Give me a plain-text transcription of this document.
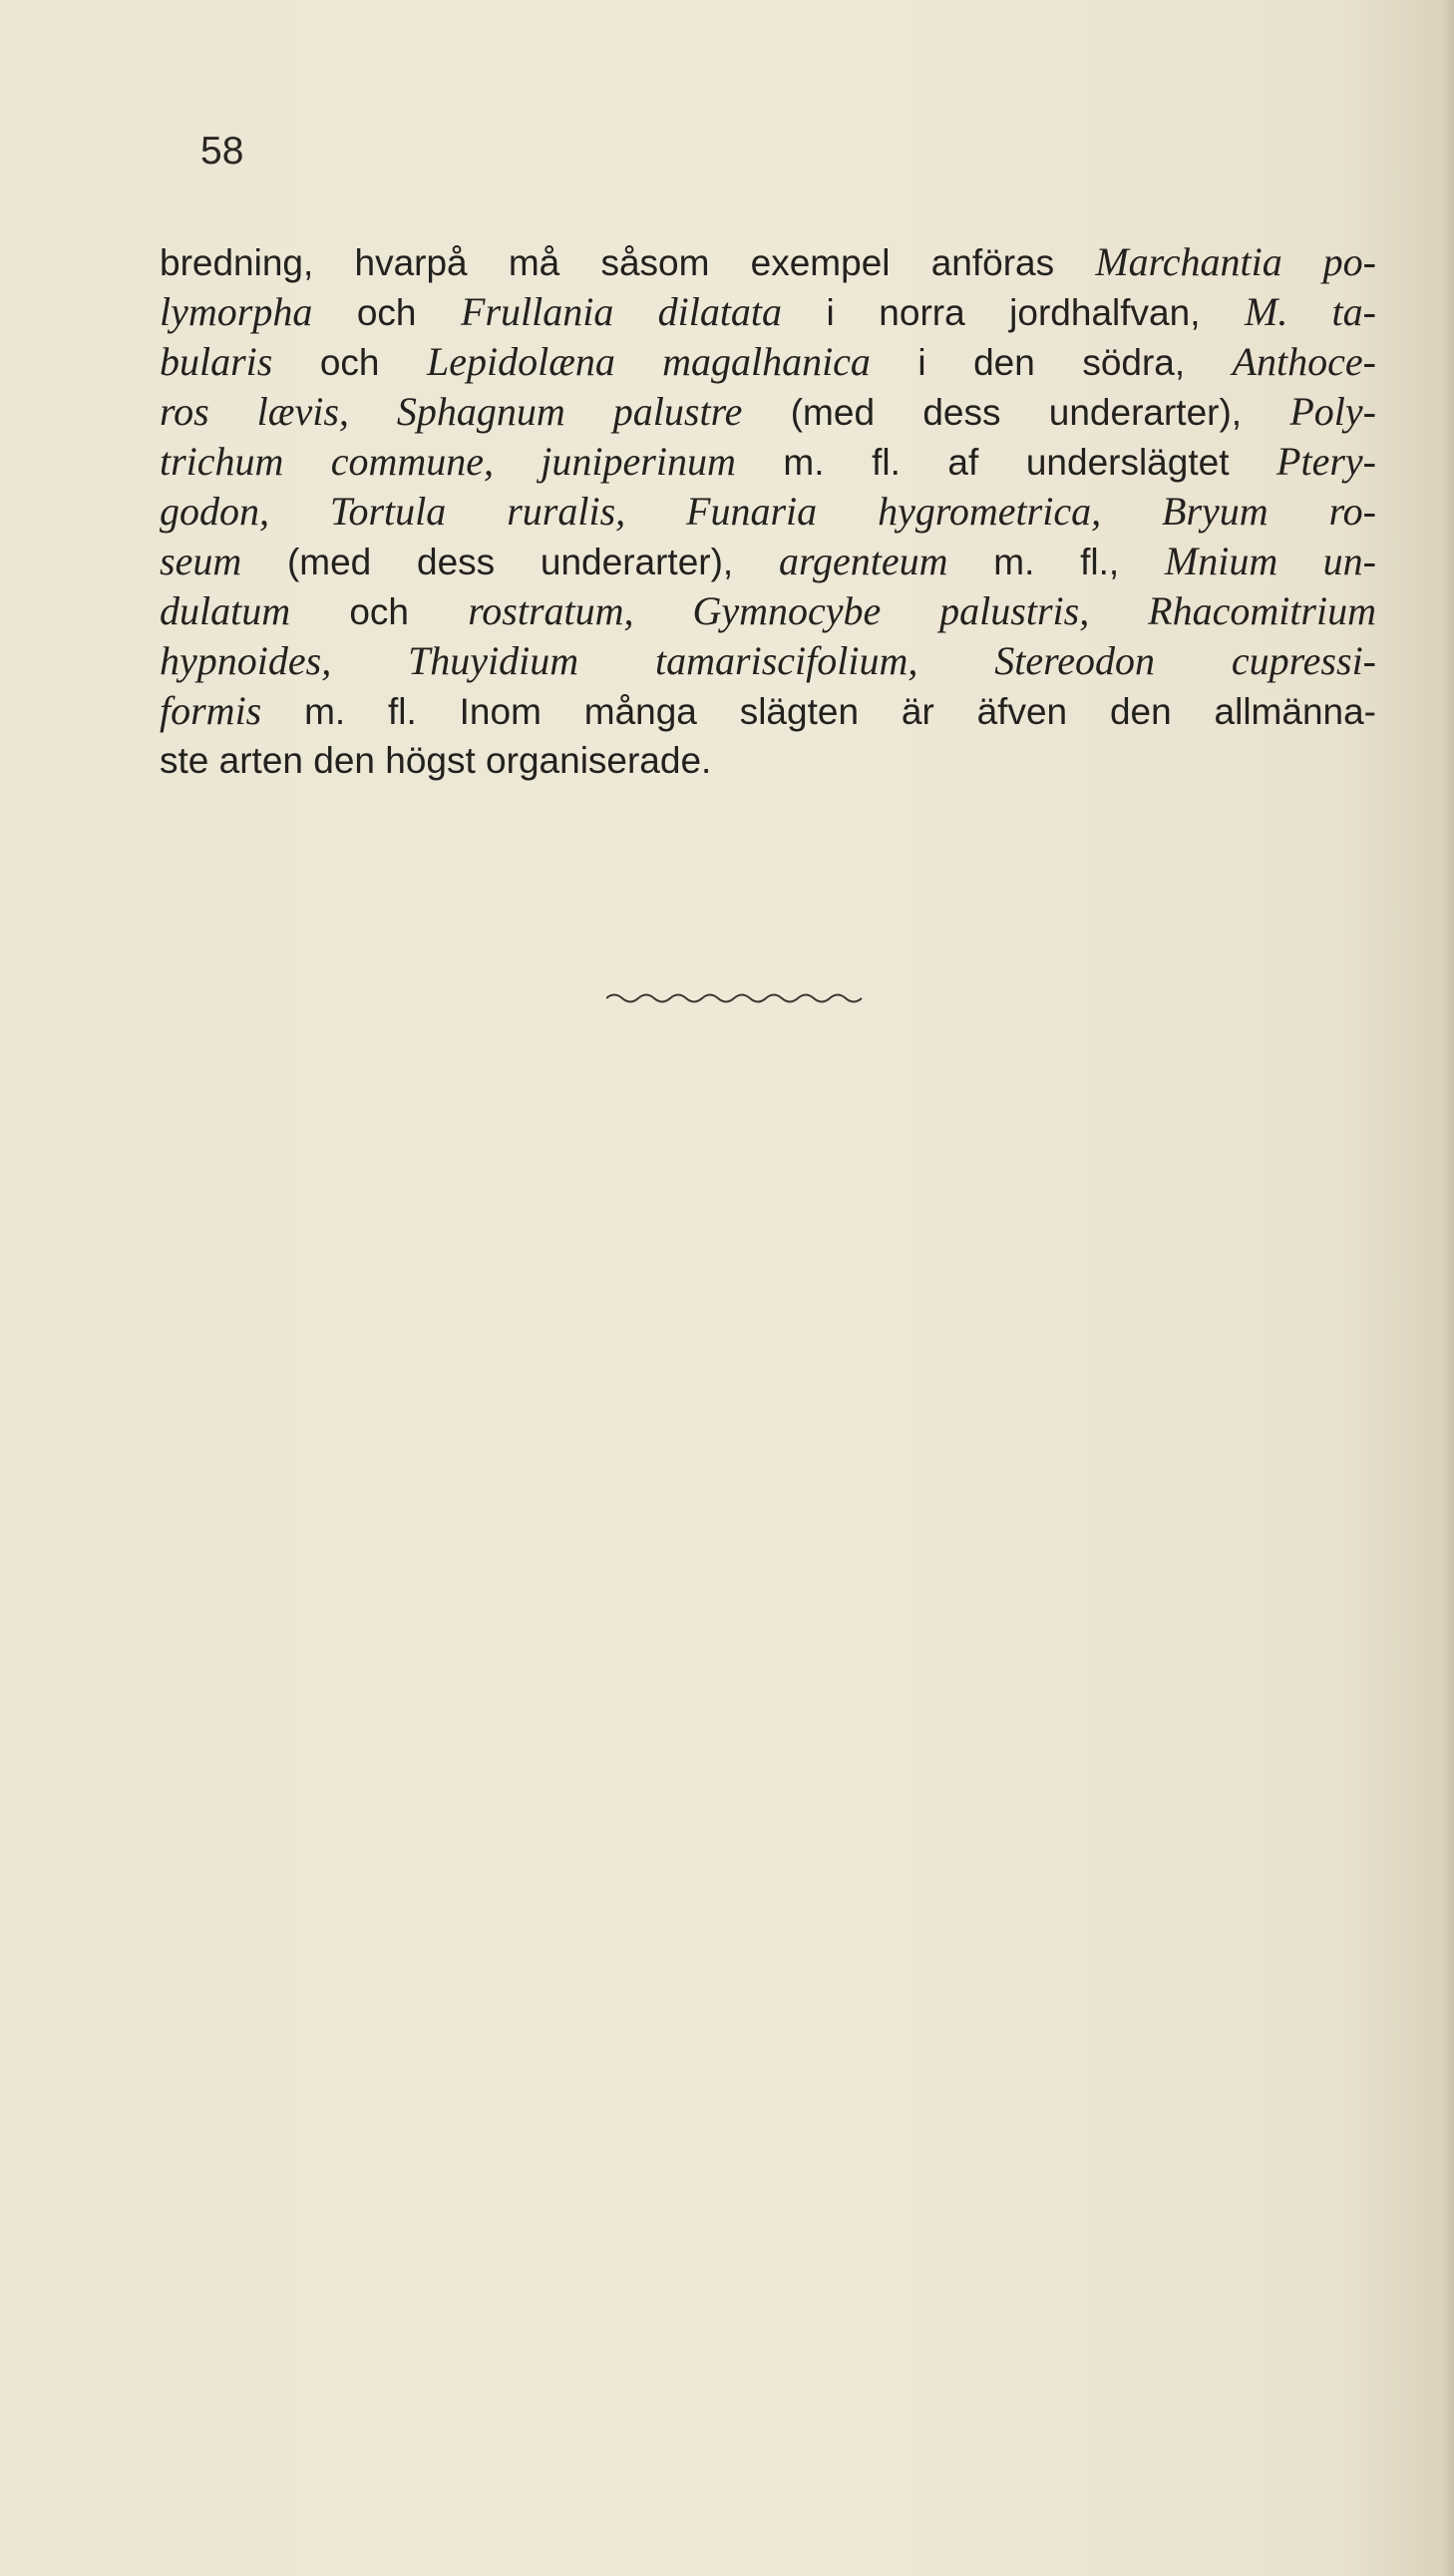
58
bredning, hvarpå må såsom exempel anföras Marchantia po-
lymorpha och Frullania dilatata i norra jordhalfvan, M. ta-
bularis och Lepidolæna magalhanica i den södra, Anthoce-
ros lævis, Sphagnum palustre (med dess underarter), Poly-
trichum commune, juniperinum m. fl. af underslägtet Ptery-
godon, Tortula ruralis, Funaria hygrometrica, Bryum ro-
seum (med dess underarter), argenteum m. fl., Mnium un-
dulatum och rostratum, Gymnocybe palustris, Rhacomitrium
hypnoides, Thuyidium tamariscifolium, Stereodon cupressi-
formis m. fl. Inom många slägten är äfven den allmänna-
ste arten den högst organiserade.
